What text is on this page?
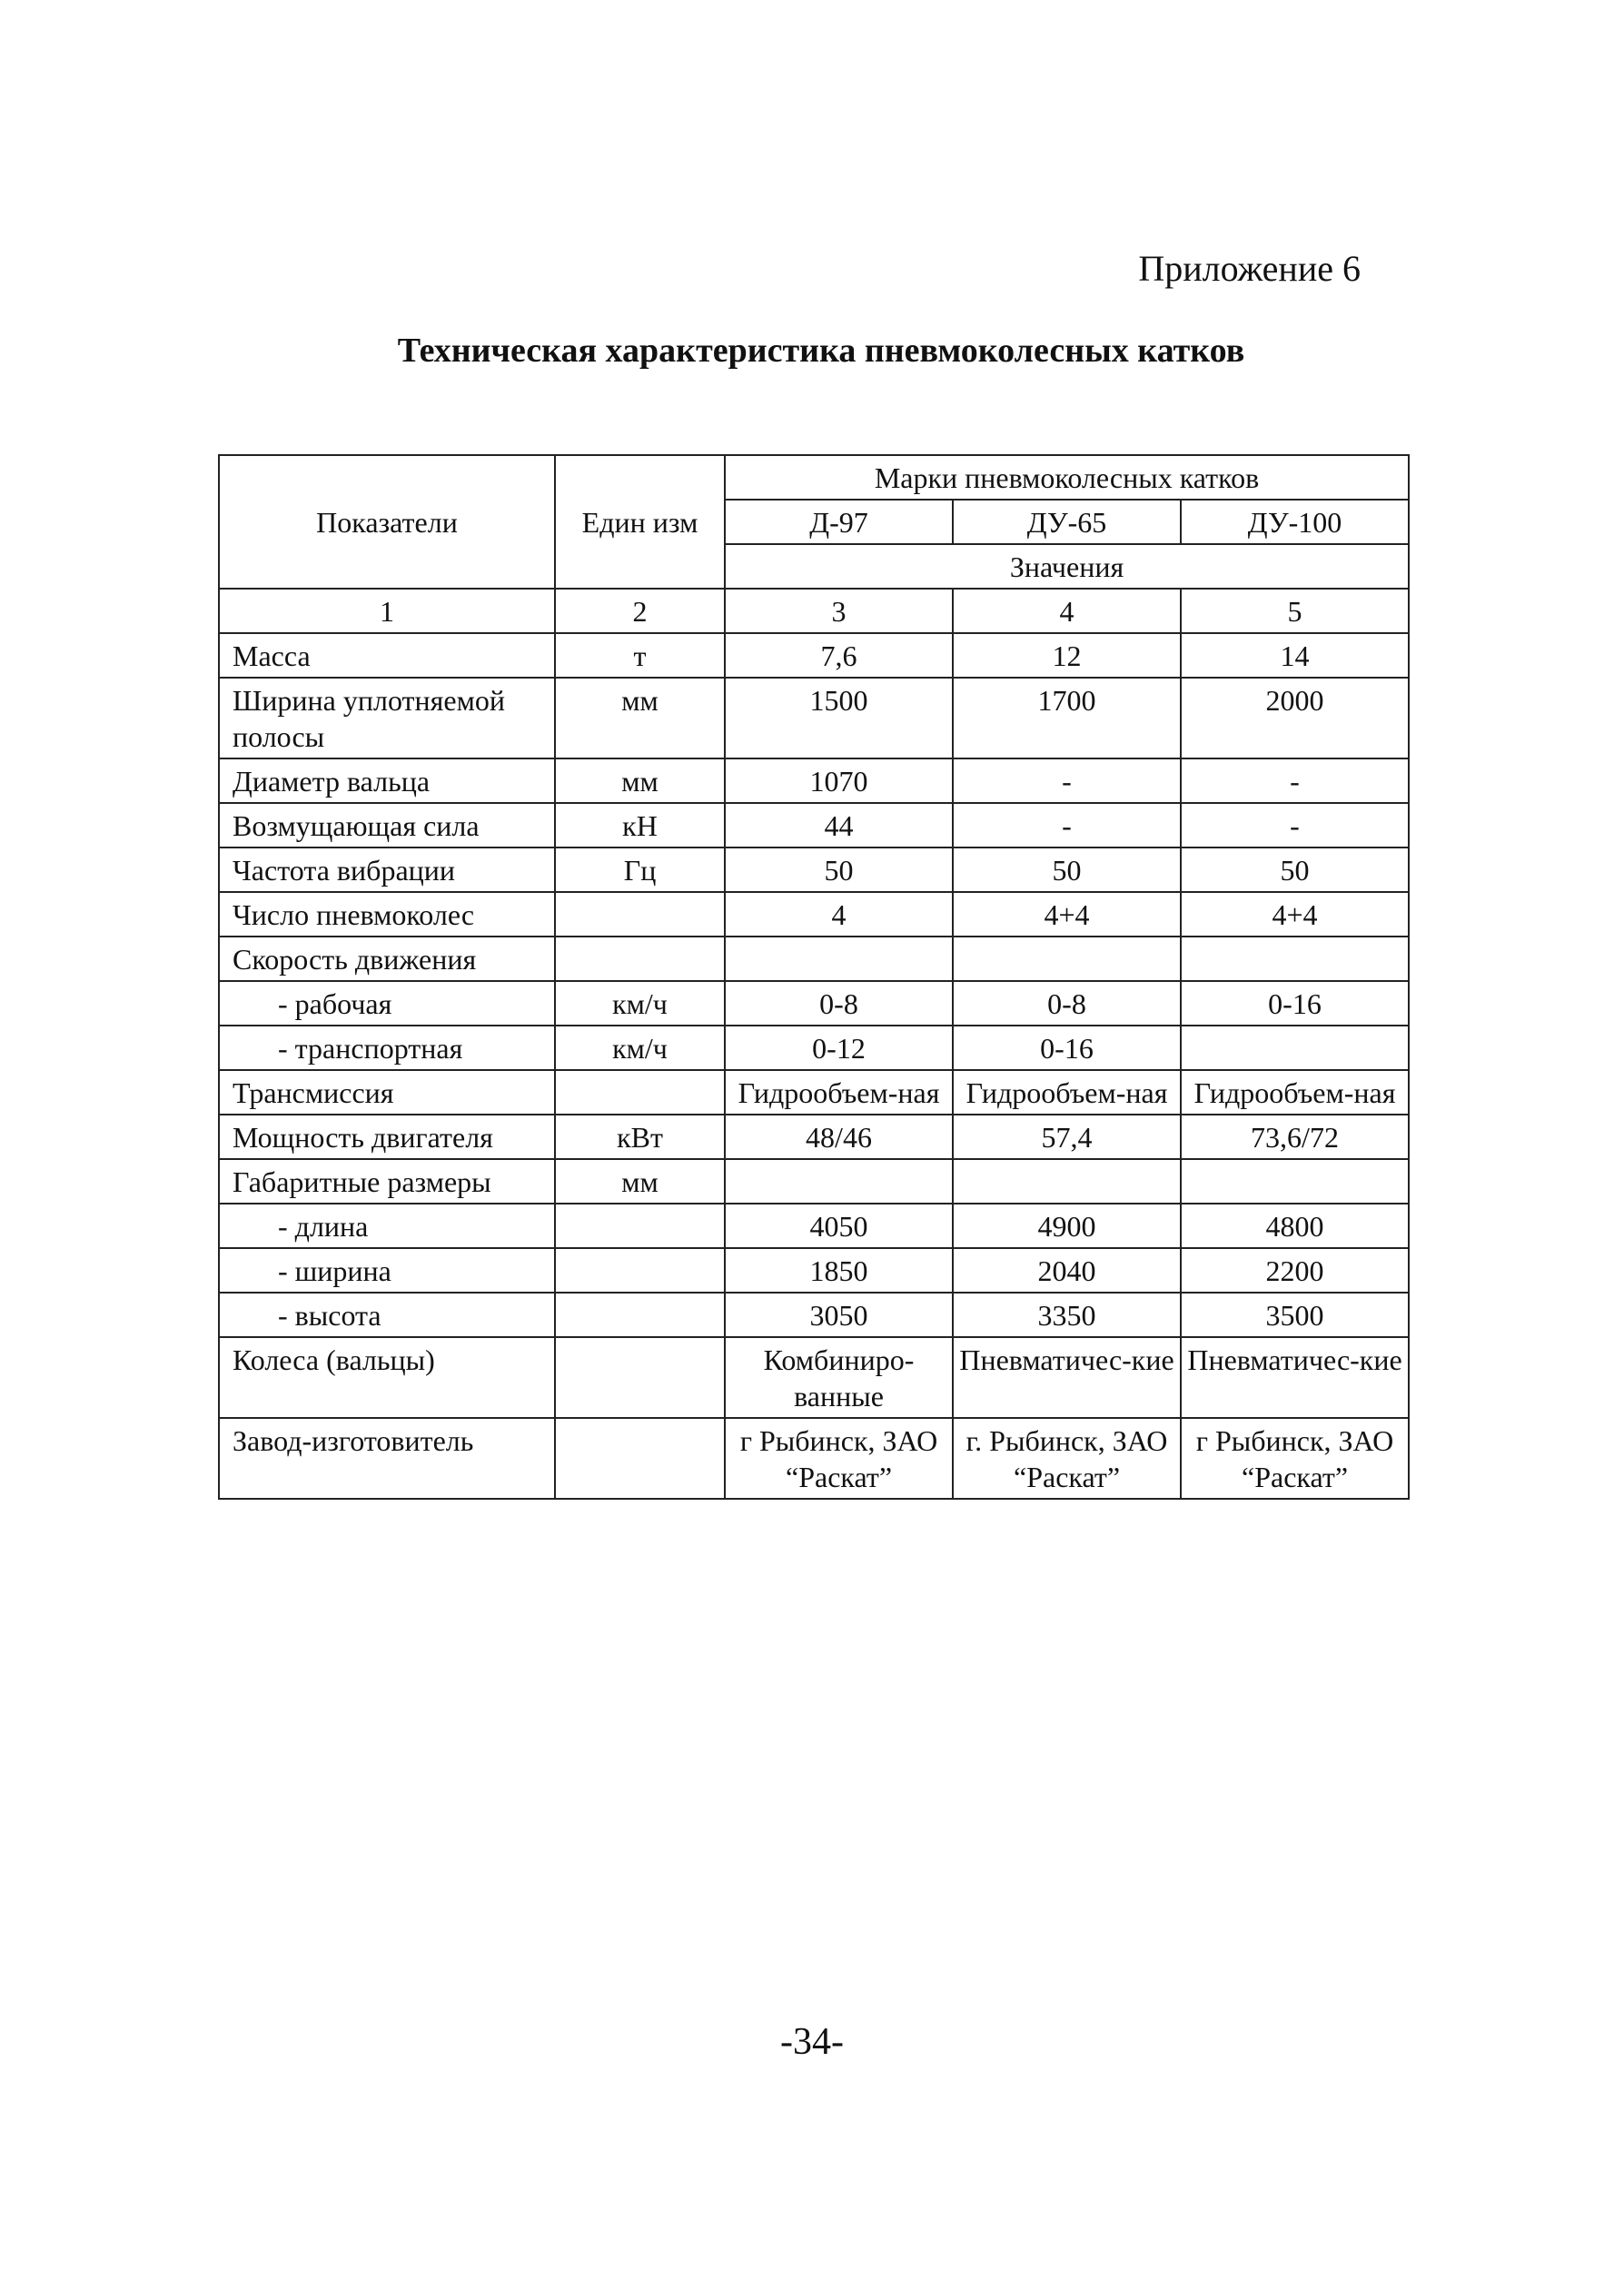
Приложение 6
Техническая характеристика пневмоколесных катков
Показатели	Един изм	Марки пневмоколесных катков		
		Д-97	ДУ-65	ДУ-100
		Значения		
1	2	3	4	5
Масса	т	7,6	12	14
Ширина уплотняемой полосы	мм	1500	1700	2000
Диаметр вальца	мм	1070	-	-
Возмущающая сила	кН	44	-	-
Частота вибрации	Гц	50	50	50
Число пневмоколес		4	4+4	4+4
Скорость движения				
- рабочая	км/ч	0-8	0-8	0-16
- транспортная	км/ч	0-12	0-16	
Трансмиссия		Гидрообъем-ная	Гидрообъем-ная	Гидрообъем-ная
Мощность двигателя	кВт	48/46	57,4	73,6/72
Габаритные размеры	мм			
- длина		4050	4900	4800
- ширина		1850	2040	2200
- высота		3050	3350	3500
Колеса (вальцы)		Комбиниро-ванные	Пневматичес-кие	Пневматичес-кие
Завод-изготовитель		г Рыбинск, ЗАО “Раскат”	г. Рыбинск, ЗАО “Раскат”	г Рыбинск, ЗАО “Раскат”
-34-
